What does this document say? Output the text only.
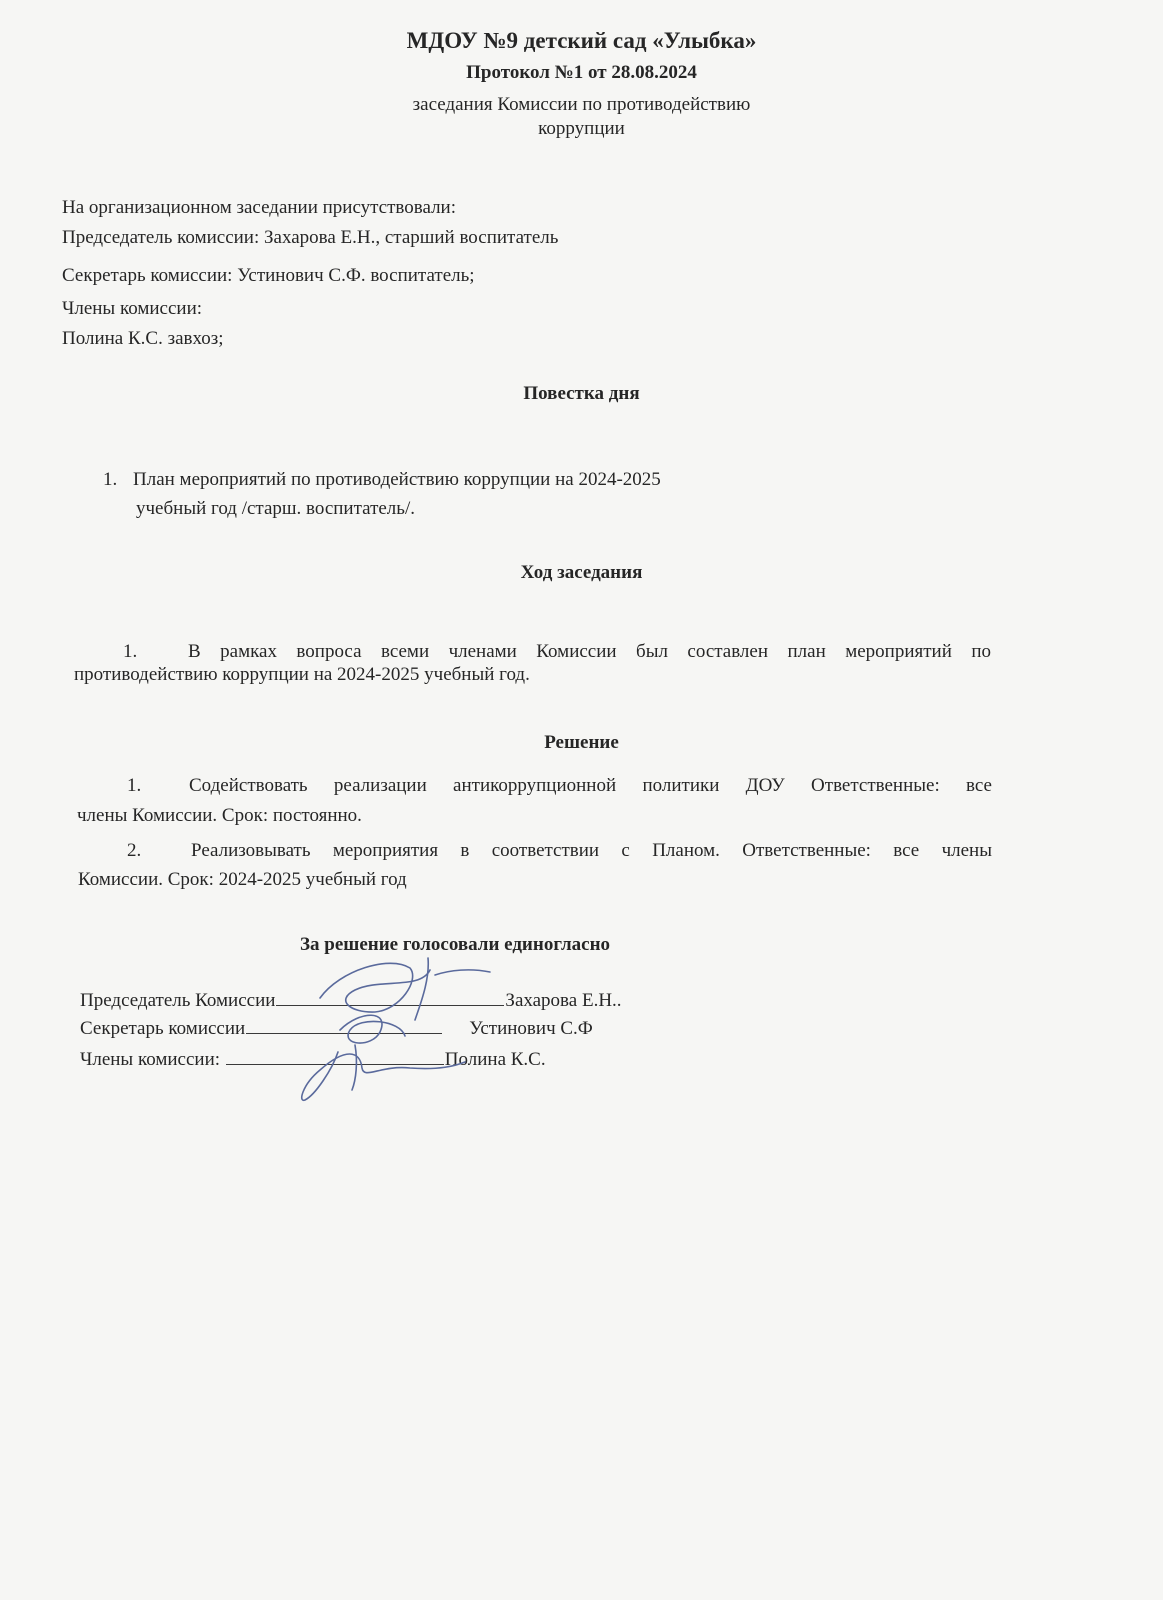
МДОУ №9 детский сад «Улыбка»
Протокол №1 от 28.08.2024
заседания Комиссии по противодействию
коррупции
На организационном заседании присутствовали:
Председатель комиссии: Захарова Е.Н., старший воспитатель
Секретарь комиссии: Устинович С.Ф. воспитатель;
Члены комиссии:
Полина К.С. завхоз;
Повестка дня
1. План мероприятий по противодействию коррупции на 2024-2025
учебный год /старш. воспитатель/.
Ход заседания
1.	В рамках вопроса всеми членами Комиссии был составлен план мероприятий по
противодействию коррупции на 2024-2025 учебный год.
Решение
1.	Содействовать реализации антикоррупционной политики ДОУ Ответственные: все
члены Комиссии. Срок: постоянно.
2.	Реализовывать мероприятия в соответствии с Планом. Ответственные: все члены
Комиссии. Срок: 2024-2025 учебный год
За решение голосовали единогласно
Председатель Комиссии	Захарова Е.Н..
Секретарь комиссии	Устинович С.Ф
Члены комиссии:	Полина К.С.
